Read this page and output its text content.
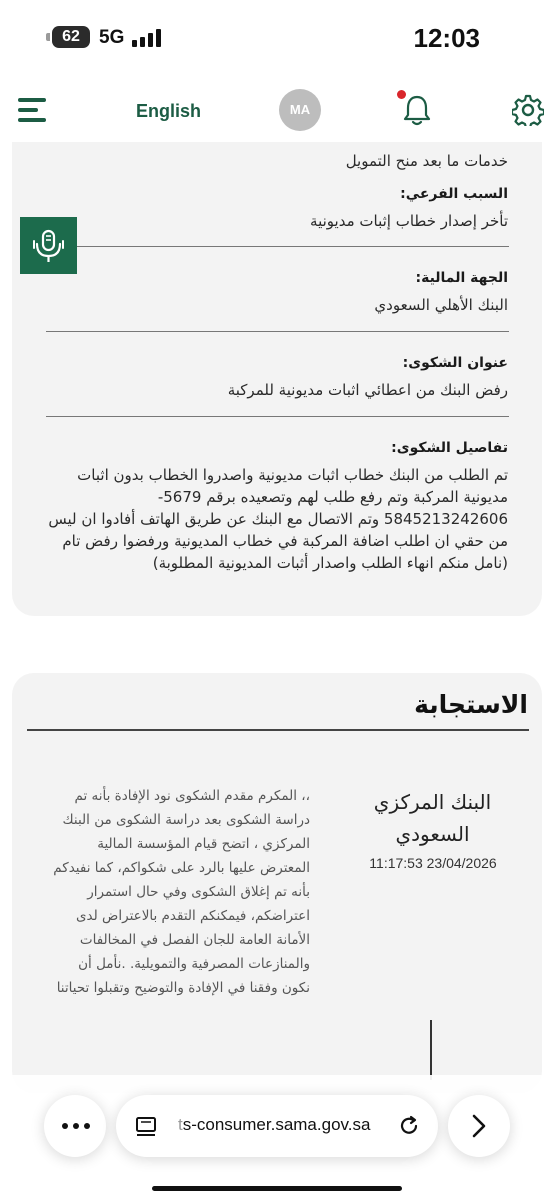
62	5G	12:03
English	MA
خدمات ما بعد منح التمويل
السبب الفرعي:
تأخر إصدار خطاب إثبات مديونية
الجهة المالية:
البنك الأهلي السعودي
عنوان الشكوى:
رفض البنك من اعطائي اثبات مديونية للمركبة
تفاصيل الشكوى:
تم الطلب من البنك خطاب اثبات مديونية واصدروا الخطاب بدون اثبات مديونية المركبة وتم رفع طلب لهم وتصعيده برقم 5679-5845213242606 وتم الاتصال مع البنك عن طريق الهاتف أفادوا ان ليس من حقي ان اطلب اضافة المركبة في خطاب المديونية ورفضوا رفض تام (نامل منكم انهاء الطلب واصدار أثبات المديونية المطلوبة)
الاستجابة
البنك المركزي السعودي
11:17:53 23/04/2026
،، المكرم مقدم الشكوى نود الإفادة بأنه تم دراسة الشكوى بعد دراسة الشكوى من البنك المركزي ، اتضح قيام المؤسسة المالية المعترض عليها بالرد على شكواكم، كما نفيدكم بأنه تم إغلاق الشكوى وفي حال استمرار اعتراضكم، فيمكنكم التقدم بالاعتراض لدى الأمانة العامة للجان الفصل في المخالفات والمنازعات المصرفية والتمويلية. .نأمل أن نكون وفقنا في الإفادة والتوضيح وتقبلوا تحياتنا
ts-consumer.sama.gov.sa
